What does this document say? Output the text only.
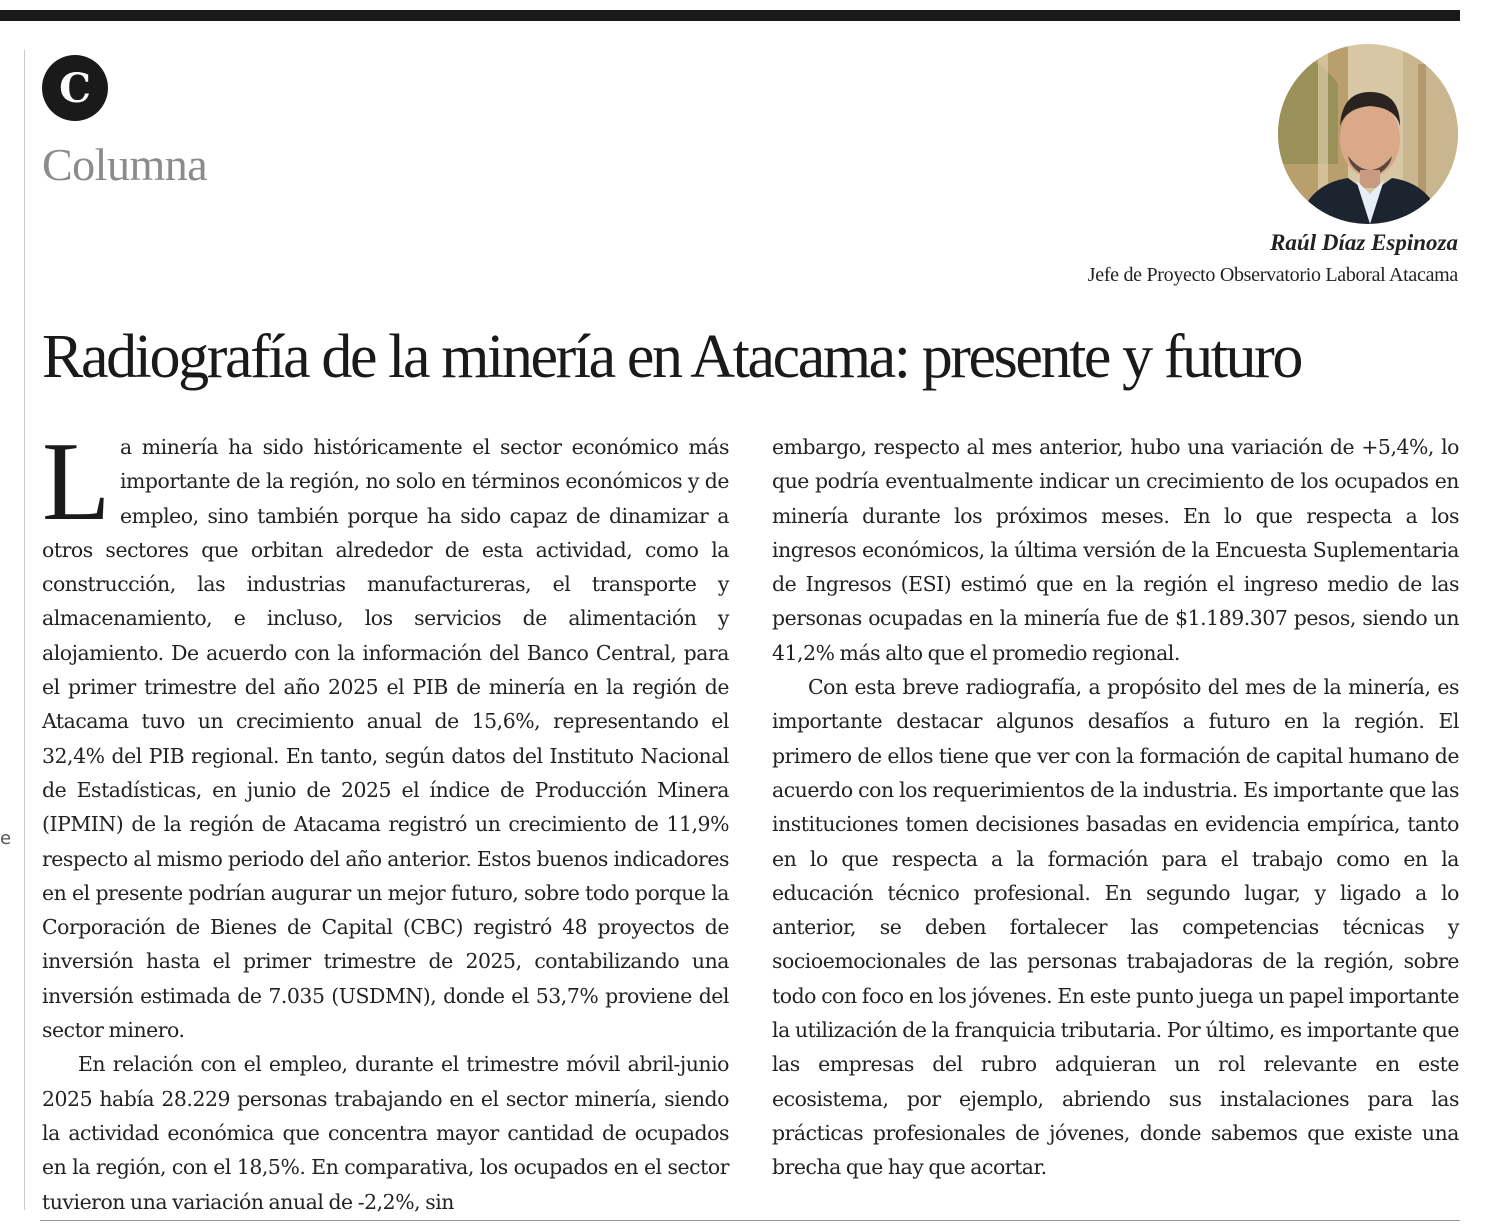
e
C
Columna
Raúl Díaz Espinoza
Jefe de Proyecto Observatorio Laboral Atacama
Radiografía de la minería en Atacama: presente y futuro

La minería ha sido históricamente el sector económico más importante de la región, no solo en términos económicos y de empleo, sino también porque ha sido capaz de dinamizar a otros sectores que orbitan alrededor de esta actividad, como la construcción, las industrias manufactureras, el transporte y almacenamiento, e incluso, los servicios de alimentación y alojamiento. De acuerdo con la información del Banco Central, para el primer trimestre del año 2025 el PIB de minería en la región de Atacama tuvo un crecimiento anual de 15,6%, representando el 32,4% del PIB regional. En tanto, según datos del Instituto Nacional de Estadísticas, en junio de 2025 el índice de Producción Minera (IPMIN) de la región de Atacama registró un crecimiento de 11,9% respecto al mismo periodo del año anterior. Estos buenos indicadores en el presente podrían augurar un mejor futuro, sobre todo porque la Corporación de Bienes de Capital (CBC) registró 48 proyectos de inversión hasta el primer trimestre de 2025, contabilizando una inversión estimada de 7.035 (USDMN), donde el 53,7% proviene del sector minero.

En relación con el empleo, durante el trimestre móvil abril-junio 2025 había 28.229 personas trabajando en el sector minería, siendo la actividad económica que concentra mayor cantidad de ocupados en la región, con el 18,5%. En comparativa, los ocupados en el sector tuvieron una variación anual de -2,2%, sin

embargo, respecto al mes anterior, hubo una variación de +5,4%, lo que podría eventualmente indicar un crecimiento de los ocupados en minería durante los próximos meses. En lo que respecta a los ingresos económicos, la última versión de la Encuesta Suplementaria de Ingresos (ESI) estimó que en la región el ingreso medio de las personas ocupadas en la minería fue de $1.189.307 pesos, siendo un 41,2% más alto que el promedio regional.

Con esta breve radiografía, a propósito del mes de la minería, es importante destacar algunos desafíos a futuro en la región. El primero de ellos tiene que ver con la formación de capital humano de acuerdo con los requerimientos de la industria. Es importante que las instituciones tomen decisiones basadas en evidencia empírica, tanto en lo que respecta a la formación para el trabajo como en la educación técnico profesional. En segundo lugar, y ligado a lo anterior, se deben fortalecer las competencias técnicas y socioemocionales de las personas trabajadoras de la región, sobre todo con foco en los jóvenes. En este punto juega un papel importante la utilización de la franquicia tributaria. Por último, es importante que las empresas del rubro adquieran un rol relevante en este ecosistema, por ejemplo, abriendo sus instalaciones para las prácticas profesionales de jóvenes, donde sabemos que existe una brecha que hay que acortar.
